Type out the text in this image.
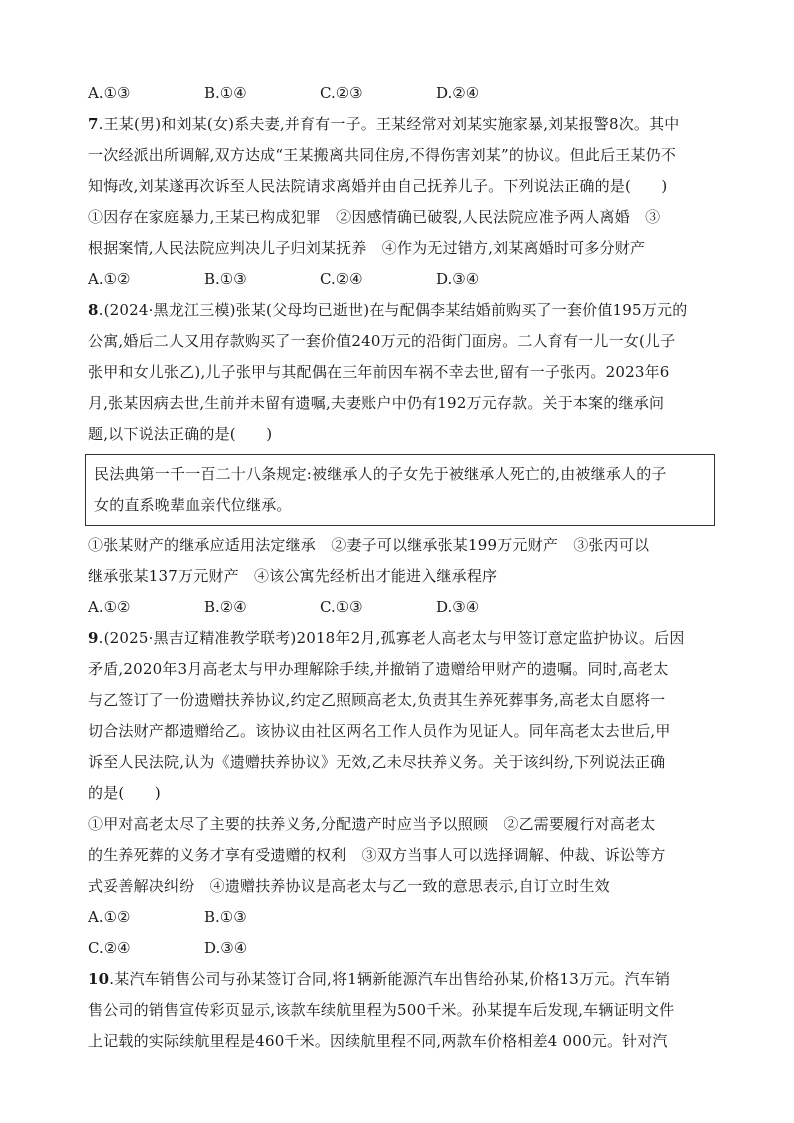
A.①③	B.①④	C.②③	D.②④
7.王某(男)和刘某(女)系夫妻,并育有一子。王某经常对刘某实施家暴,刘某报警8次。其中
一次经派出所调解,双方达成“王某搬离共同住房,不得伤害刘某”的协议。但此后王某仍不
知悔改,刘某遂再次诉至人民法院请求离婚并由自己抚养儿子。下列说法正确的是(　　)
①因存在家庭暴力,王某已构成犯罪　②因感情确已破裂,人民法院应准予两人离婚　③
根据案情,人民法院应判决儿子归刘某抚养　④作为无过错方,刘某离婚时可多分财产
A.①②	B.①③	C.②④	D.③④
8.(2024·黑龙江三模)张某(父母均已逝世)在与配偶李某结婚前购买了一套价值195万元的
公寓,婚后二人又用存款购买了一套价值240万元的沿街门面房。二人育有一儿一女(儿子
张甲和女儿张乙),儿子张甲与其配偶在三年前因车祸不幸去世,留有一子张丙。2023年6
月,张某因病去世,生前并未留有遗嘱,夫妻账户中仍有192万元存款。关于本案的继承问
题,以下说法正确的是(　　)
民法典第一千一百二十八条规定:被继承人的子女先于被继承人死亡的,由被继承人的子
女的直系晚辈血亲代位继承。
①张某财产的继承应适用法定继承　②妻子可以继承张某199万元财产　③张丙可以
继承张某137万元财产　④该公寓先经析出才能进入继承程序
A.①②	B.②④	C.①③	D.③④
9.(2025·黑吉辽精准教学联考)2018年2月,孤寡老人高老太与甲签订意定监护协议。后因
矛盾,2020年3月高老太与甲办理解除手续,并撤销了遗赠给甲财产的遗嘱。同时,高老太
与乙签订了一份遗赠扶养协议,约定乙照顾高老太,负责其生养死葬事务,高老太自愿将一
切合法财产都遗赠给乙。该协议由社区两名工作人员作为见证人。同年高老太去世后,甲
诉至人民法院,认为《遗赠扶养协议》无效,乙未尽扶养义务。关于该纠纷,下列说法正确
的是(　　)
①甲对高老太尽了主要的扶养义务,分配遗产时应当予以照顾　②乙需要履行对高老太
的生养死葬的义务才享有受遗赠的权利　③双方当事人可以选择调解、仲裁、诉讼等方
式妥善解决纠纷　④遗赠扶养协议是高老太与乙一致的意思表示,自订立时生效
A.①②	B.①③
C.②④	D.③④
10.某汽车销售公司与孙某签订合同,将1辆新能源汽车出售给孙某,价格13万元。汽车销
售公司的销售宣传彩页显示,该款车续航里程为500千米。孙某提车后发现,车辆证明文件
上记载的实际续航里程是460千米。因续航里程不同,两款车价格相差4 000元。针对汽
